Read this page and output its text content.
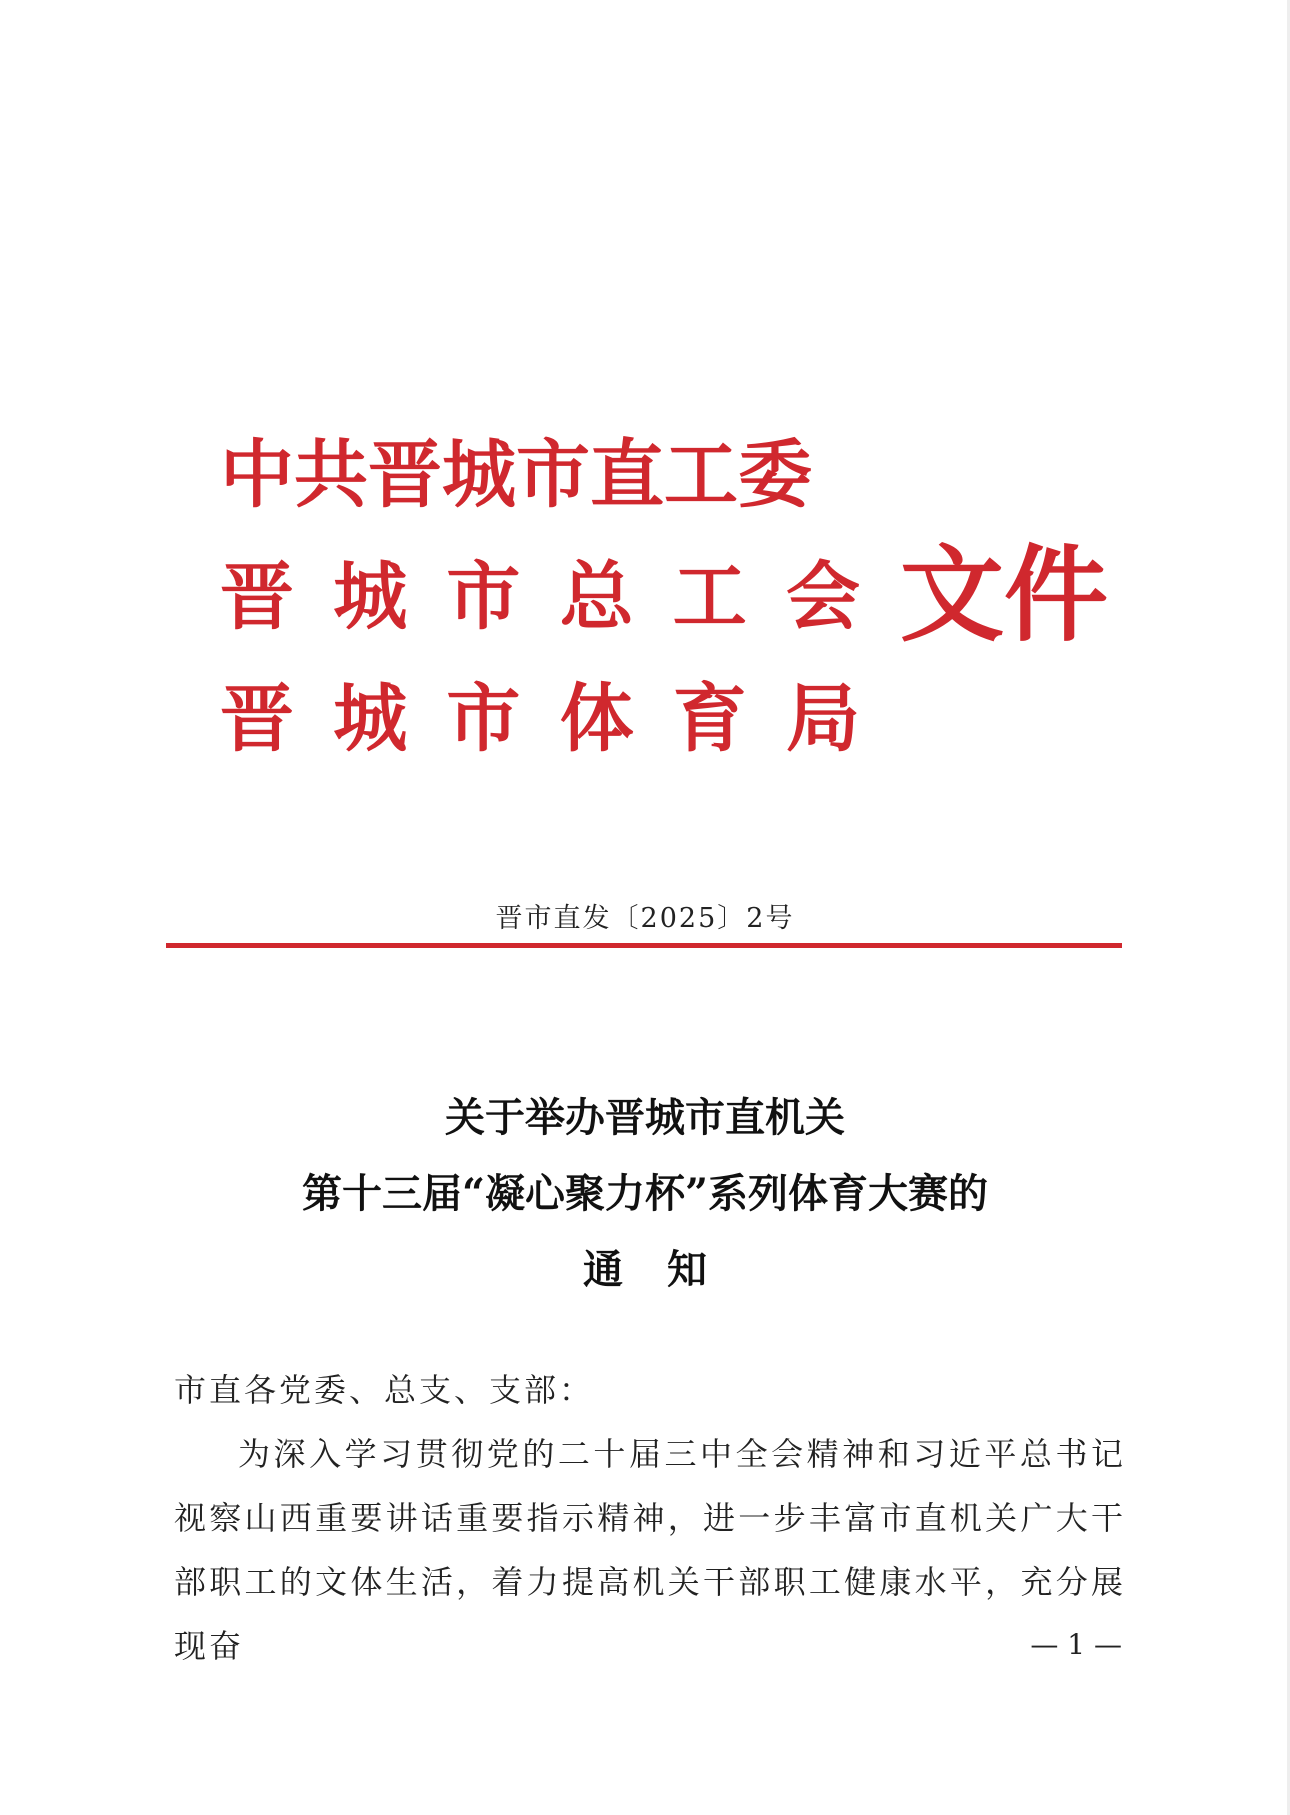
中共晋城市直工委
晋城市总工会
晋城市体育局
文件
晋市直发〔2025〕2号
关于举办晋城市直机关
第十三届“凝心聚力杯”系列体育大赛的
通知
市直各党委、总支、支部：
为深入学习贯彻党的二十届三中全会精神和习近平总书记视察山西重要讲话重要指示精神，进一步丰富市直机关广大干部职工的文体生活，着力提高机关干部职工健康水平，充分展现奋	— 1 —
